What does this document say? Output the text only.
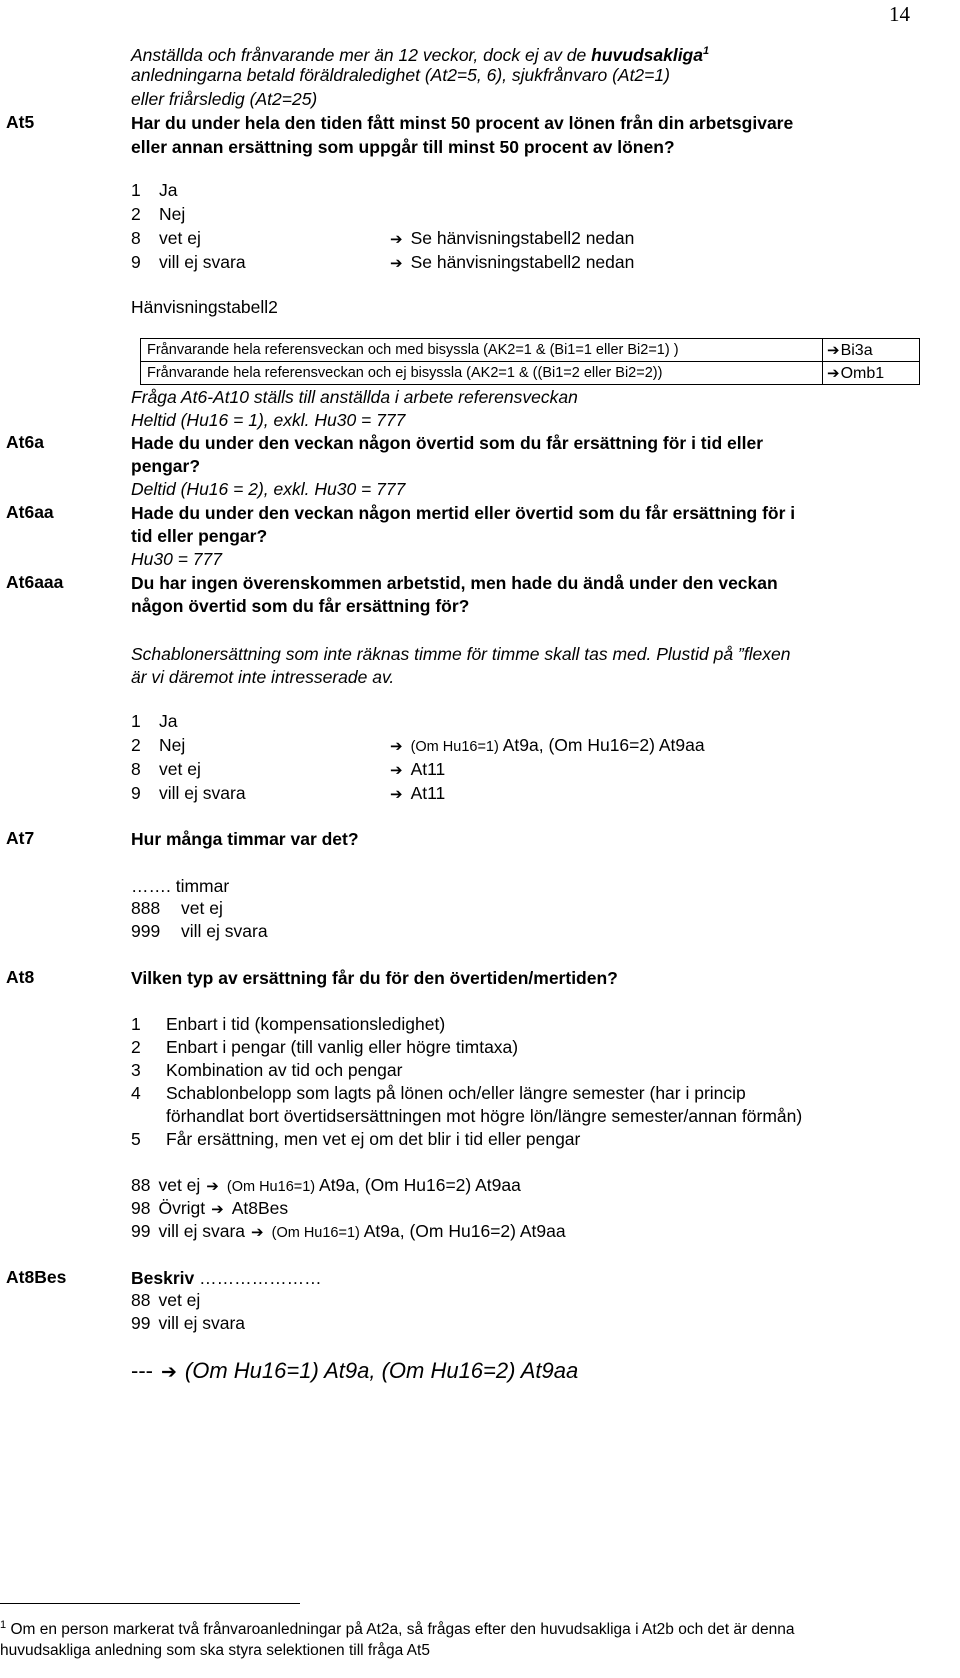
14
Anställda och frånvarande mer än 12 veckor, dock ej av de huvudsakliga$^1$
anledningarna betald föräldraledighet (At2=5, 6), sjukfrånvaro (At2=1)
eller friårsledig (At2=25)
At5	Har du under hela den tiden fått minst 50 procent av lönen från din arbetsgivare
eller annan ersättning som uppgår till minst 50 procent av lönen?
1 Ja
2 Nej
8 vet ej	➔ Se hänvisningstabell2 nedan
9 vill ej svara	➔ Se hänvisningstabell2 nedan
Hänvisningstabell2
Frånvarande hela referensveckan och med bisyssla (AK2=1 & (Bi1=1 eller Bi2=1) )	➔Bi3a
Frånvarande hela referensveckan och ej bisyssla (AK2=1 & ((Bi1=2 eller Bi2=2))	➔Omb1
Fråga At6-At10 ställs till anställda i arbete referensveckan
Heltid (Hu16 = 1), exkl. Hu30 = 777
At6a	Hade du under den veckan någon övertid som du får ersättning för i tid eller
pengar?
Deltid (Hu16 = 2), exkl. Hu30 = 777
At6aa	Hade du under den veckan någon mertid eller övertid som du får ersättning för i
tid eller pengar?
Hu30 = 777
At6aaa	Du har ingen överenskommen arbetstid, men hade du ändå under den veckan
någon övertid som du får ersättning för?
Schablonersättning som inte räknas timme för timme skall tas med. Plustid på ”flexen
är vi däremot inte intresserade av.
1 Ja
2 Nej	➔ (Om Hu16=1) At9a, (Om Hu16=2) At9aa
8 vet ej	➔ At11
9 vill ej svara	➔ At11
At7	Hur många timmar var det?
……. timmar
888 vet ej
999 vill ej svara
At8	Vilken typ av ersättning får du för den övertiden/mertiden?
1 Enbart i tid (kompensationsledighet)
2 Enbart i pengar (till vanlig eller högre timtaxa)
3 Kombination av tid och pengar
4 Schablonbelopp som lagts på lönen och/eller längre semester (har i princip
förhandlat bort övertidsersättningen mot högre lön/längre semester/annan förmån)
5 Får ersättning, men vet ej om det blir i tid eller pengar
88 vet ej ➔ (Om Hu16=1) At9a, (Om Hu16=2) At9aa
98 Övrigt ➔ At8Bes
99 vill ej svara ➔ (Om Hu16=1) At9a, (Om Hu16=2) At9aa
At8Bes	Beskriv …………………
88 vet ej
99 vill ej svara
--- ➔ (Om Hu16=1) At9a, (Om Hu16=2) At9aa
$^1$ Om en person markerat två frånvaroanledningar på At2a, så frågas efter den huvudsakliga i At2b och det är denna
huvudsakliga anledning som ska styra selektionen till fråga At5
